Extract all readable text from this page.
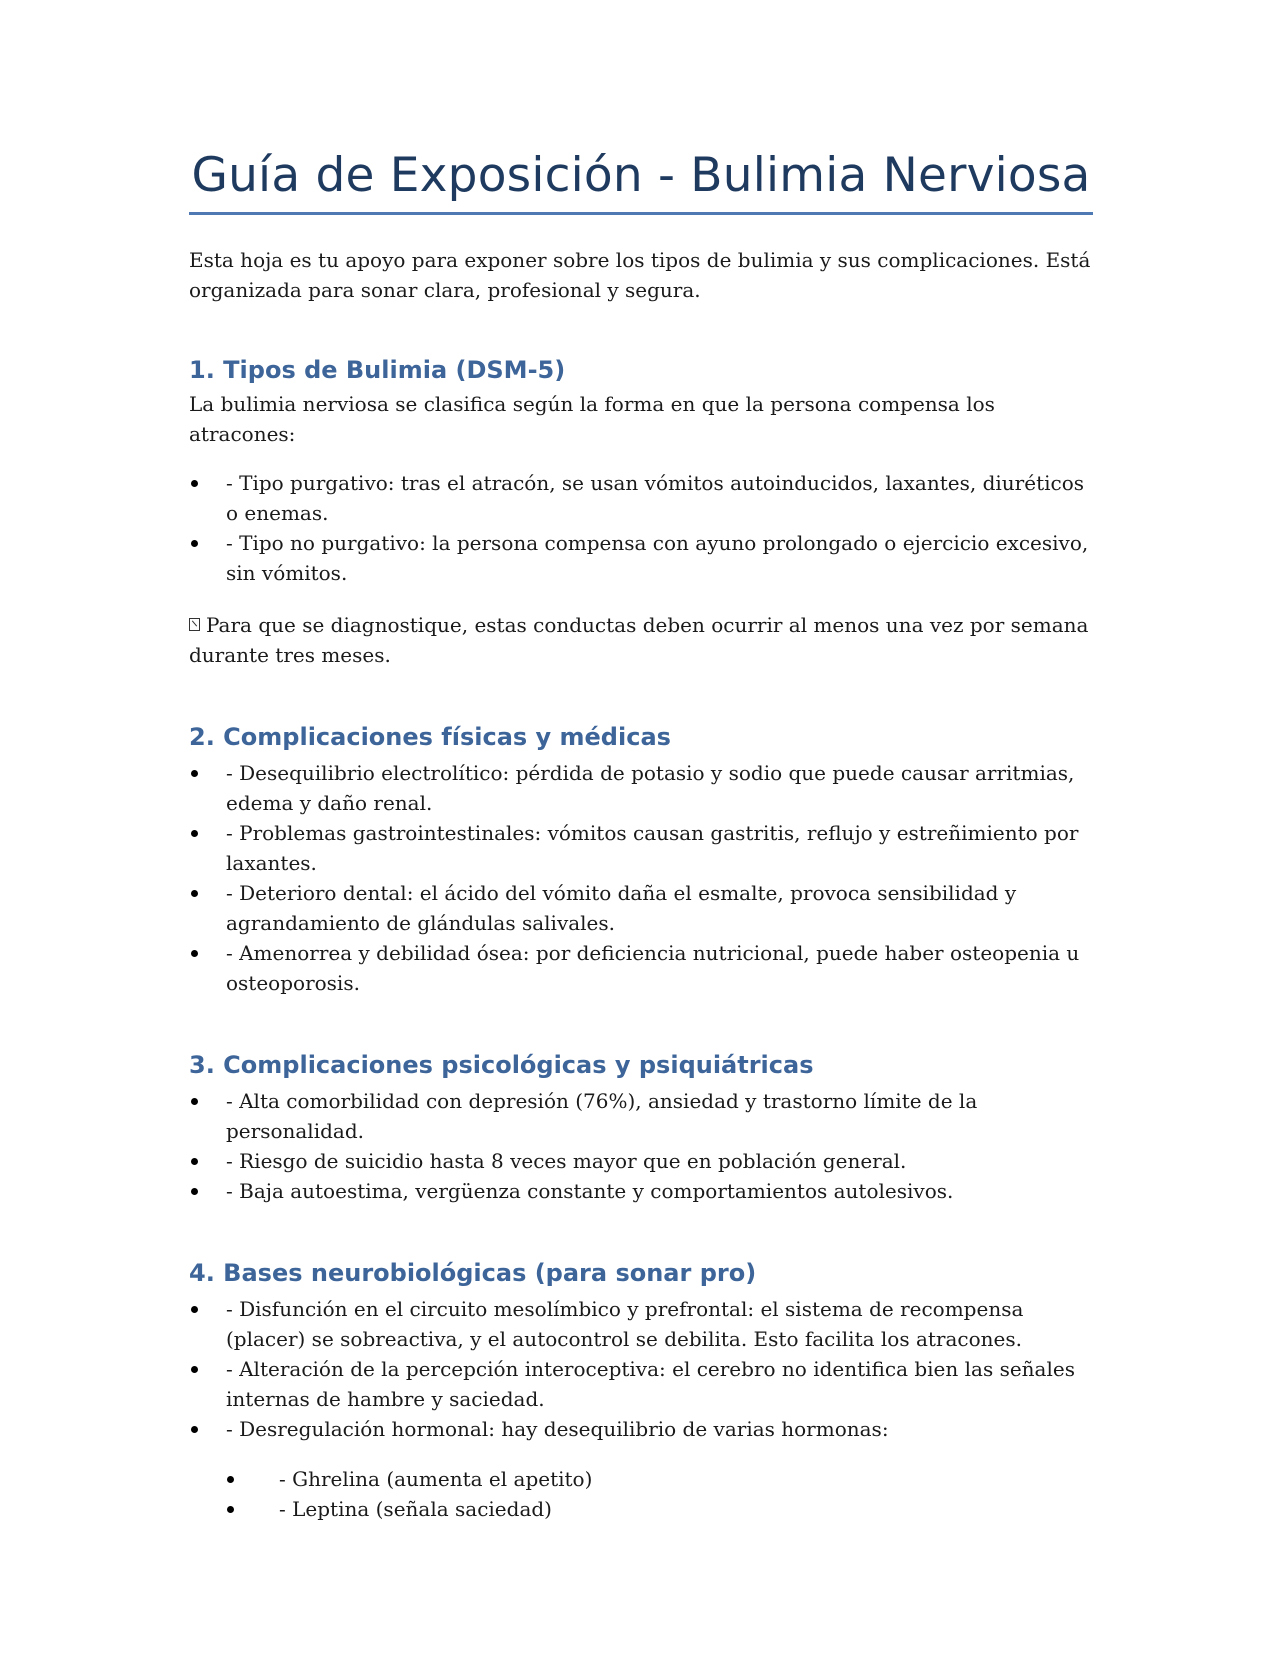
Guía de Exposición - Bulimia Nerviosa

Esta hoja es tu apoyo para exponer sobre los tipos de bulimia y sus complicaciones. Está organizada para sonar clara, profesional y segura.

1. Tipos de Bulimia (DSM-5)

La bulimia nerviosa se clasifica según la forma en que la persona compensa los atracones:

- Tipo purgativo: tras el atracón, se usan vómitos autoinducidos, laxantes, diuréticos o enemas.
- Tipo no purgativo: la persona compensa con ayuno prolongado o ejercicio excesivo, sin vómitos.

Para que se diagnostique, estas conductas deben ocurrir al menos una vez por semana durante tres meses.

2. Complicaciones físicas y médicas
- Desequilibrio electrolítico: pérdida de potasio y sodio que puede causar arritmias, edema y daño renal.
- Problemas gastrointestinales: vómitos causan gastritis, reflujo y estreñimiento por laxantes.
- Deterioro dental: el ácido del vómito daña el esmalte, provoca sensibilidad y agrandamiento de glándulas salivales.
- Amenorrea y debilidad ósea: por deficiencia nutricional, puede haber osteopenia u osteoporosis.
3. Complicaciones psicológicas y psiquiátricas
- Alta comorbilidad con depresión (76%), ansiedad y trastorno límite de la personalidad.
- Riesgo de suicidio hasta 8 veces mayor que en población general.
- Baja autoestima, vergüenza constante y comportamientos autolesivos.
4. Bases neurobiológicas (para sonar pro)
- Disfunción en el circuito mesolímbico y prefrontal: el sistema de recompensa (placer) se sobreactiva, y el autocontrol se debilita. Esto facilita los atracones.
- Alteración de la percepción interoceptiva: el cerebro no identifica bien las señales internas de hambre y saciedad.
- Desregulación hormonal: hay desequilibrio de varias hormonas:
- Ghrelina (aumenta el apetito)
- Leptina (señala saciedad)
